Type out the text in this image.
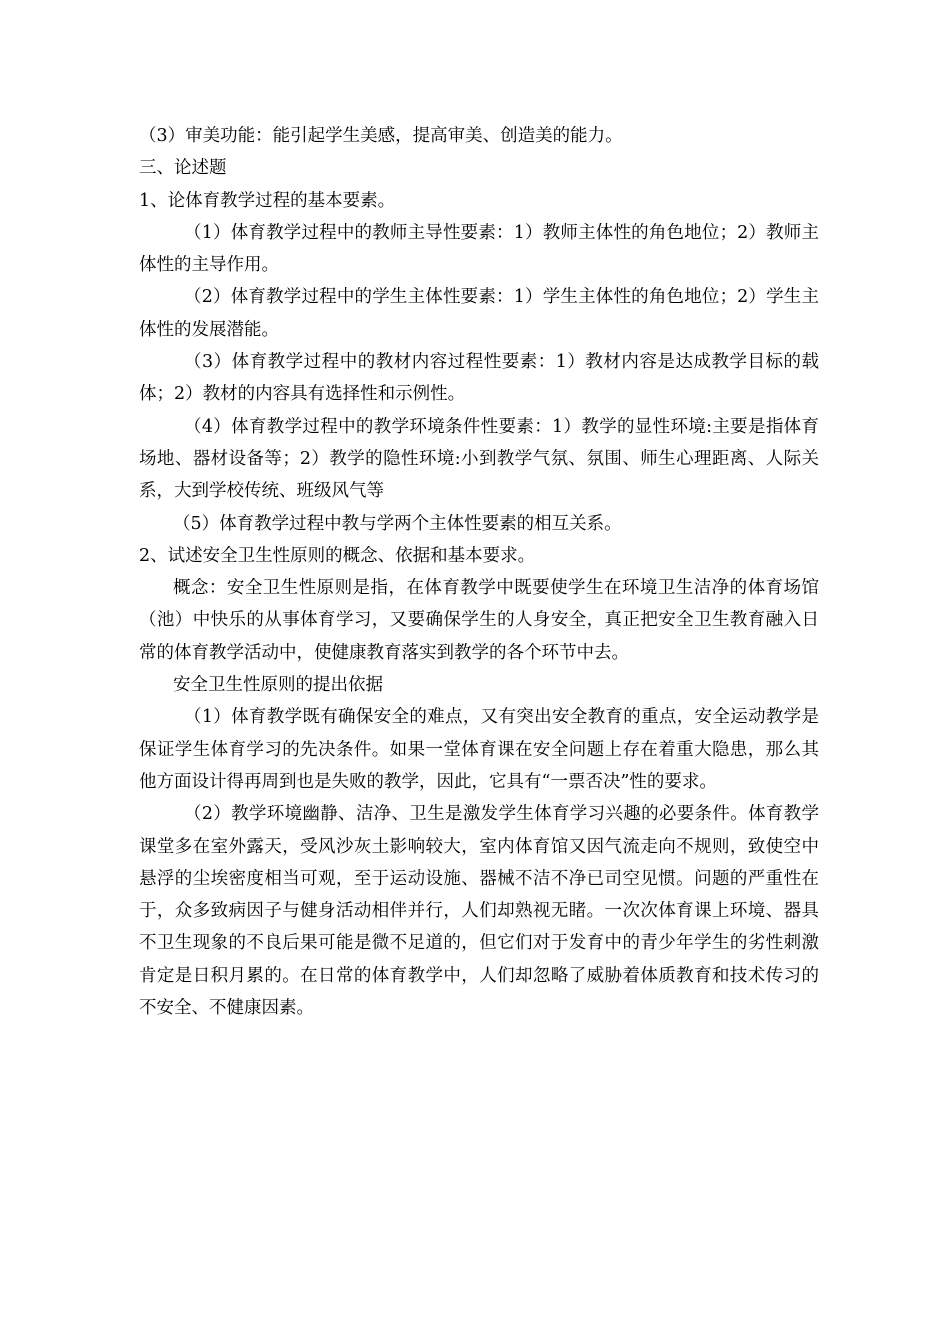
（3）审美功能：能引起学生美感，提高审美、创造美的能力。

三、论述题

1、论体育教学过程的基本要素。

（1）体育教学过程中的教师主导性要素：1）教师主体性的角色地位；2）教师主体性的主导作用。

（2）体育教学过程中的学生主体性要素：1）学生主体性的角色地位；2）学生主体性的发展潜能。

（3）体育教学过程中的教材内容过程性要素：1）教材内容是达成教学目标的载体；2）教材的内容具有选择性和示例性。

（4）体育教学过程中的教学环境条件性要素：1）教学的显性环境:主要是指体育场地、器材设备等；2）教学的隐性环境:小到教学气氛、氛围、师生心理距离、人际关系，大到学校传统、班级风气等

（5）体育教学过程中教与学两个主体性要素的相互关系。

2、试述安全卫生性原则的概念、依据和基本要求。

概念：安全卫生性原则是指，在体育教学中既要使学生在环境卫生洁净的体育场馆（池）中快乐的从事体育学习，又要确保学生的人身安全，真正把安全卫生教育融入日常的体育教学活动中，使健康教育落实到教学的各个环节中去。

安全卫生性原则的提出依据

（1）体育教学既有确保安全的难点，又有突出安全教育的重点，安全运动教学是保证学生体育学习的先决条件。如果一堂体育课在安全问题上存在着重大隐患，那么其他方面设计得再周到也是失败的教学，因此，它具有“一票否决”性的要求。

（2）教学环境幽静、洁净、卫生是激发学生体育学习兴趣的必要条件。体育教学课堂多在室外露天，受风沙灰土影响较大，室内体育馆又因气流走向不规则，致使空中悬浮的尘埃密度相当可观，至于运动设施、器械不洁不净已司空见惯。问题的严重性在于，众多致病因子与健身活动相伴并行，人们却熟视无睹。一次次体育课上环境、器具不卫生现象的不良后果可能是微不足道的，但它们对于发育中的青少年学生的劣性刺激肯定是日积月累的。在日常的体育教学中，人们却忽略了威胁着体质教育和技术传习的不安全、不健康因素。
